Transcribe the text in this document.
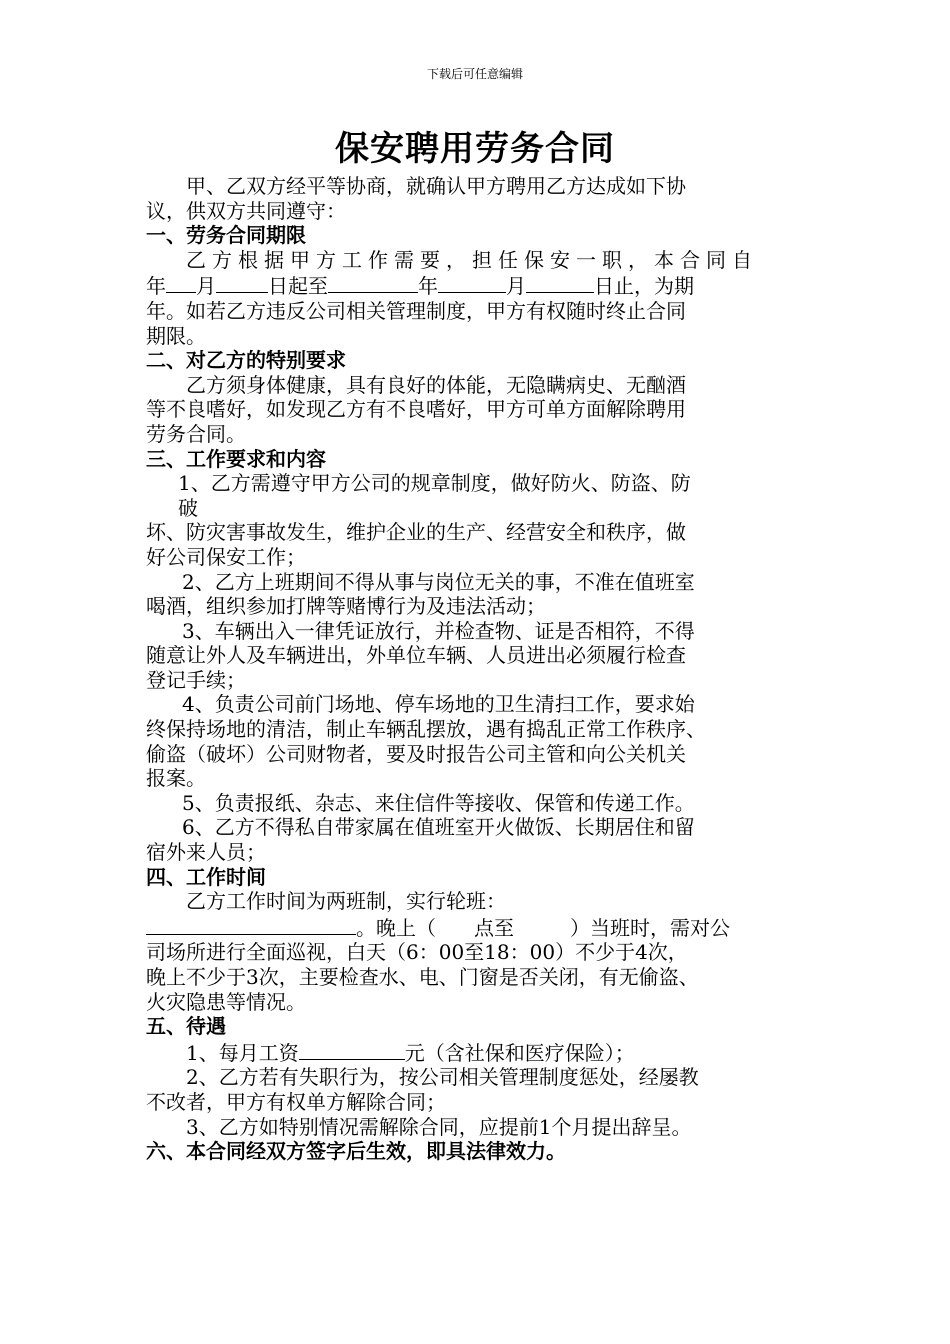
下载后可任意编辑
保安聘用劳务合同

甲、乙双方经平等协商，就确认甲方聘用乙方达成如下协

议，供双方共同遵守：

一、劳务合同期限

乙方根据甲方工作需要，担任保安一职，本合同自

年 月	日起至	年	月	日止，为期

年。如若乙方违反公司相关管理制度，甲方有权随时终止合同

期限。

二、对乙方的特别要求

乙方须身体健康，具有良好的体能，无隐瞒病史、无酗酒

等不良嗜好，如发现乙方有不良嗜好，甲方可单方面解除聘用

劳务合同。

三、工作要求和内容

1、乙方需遵守甲方公司的规章制度，做好防火、防盗、防

破

坏、防灾害事故发生，维护企业的生产、经营安全和秩序，做

好公司保安工作；

2、乙方上班期间不得从事与岗位无关的事，不准在值班室

喝酒，组织参加打牌等赌博行为及违法活动；

3、车辆出入一律凭证放行，并检查物、证是否相符，不得

随意让外人及车辆进出，外单位车辆、人员进出必须履行检查

登记手续；

4、负责公司前门场地、停车场地的卫生清扫工作，要求始

终保持场地的清洁，制止车辆乱摆放，遇有捣乱正常工作秩序、

偷盗（破坏）公司财物者，要及时报告公司主管和向公关机关

报案。

5、负责报纸、杂志、来住信件等接收、保管和传递工作。

6、乙方不得私自带家属在值班室开火做饭、长期居住和留

宿外来人员；

四、工作时间

乙方工作时间为两班制，实行轮班：

。晚上（ 点至	）当班时，需对公

司场所进行全面巡视，白天（6：00至18：00）不少于4次，

晚上不少于3次，主要检查水、电、门窗是否关闭，有无偷盗、

火灾隐患等情况。

五、待遇

1、每月工资	元（含社保和医疗保险）；

2、乙方若有失职行为，按公司相关管理制度惩处，经屡教

不改者，甲方有权单方解除合同；

3、乙方如特别情况需解除合同，应提前1个月提出辞呈。

六、本合同经双方签字后生效，即具法律效力。
